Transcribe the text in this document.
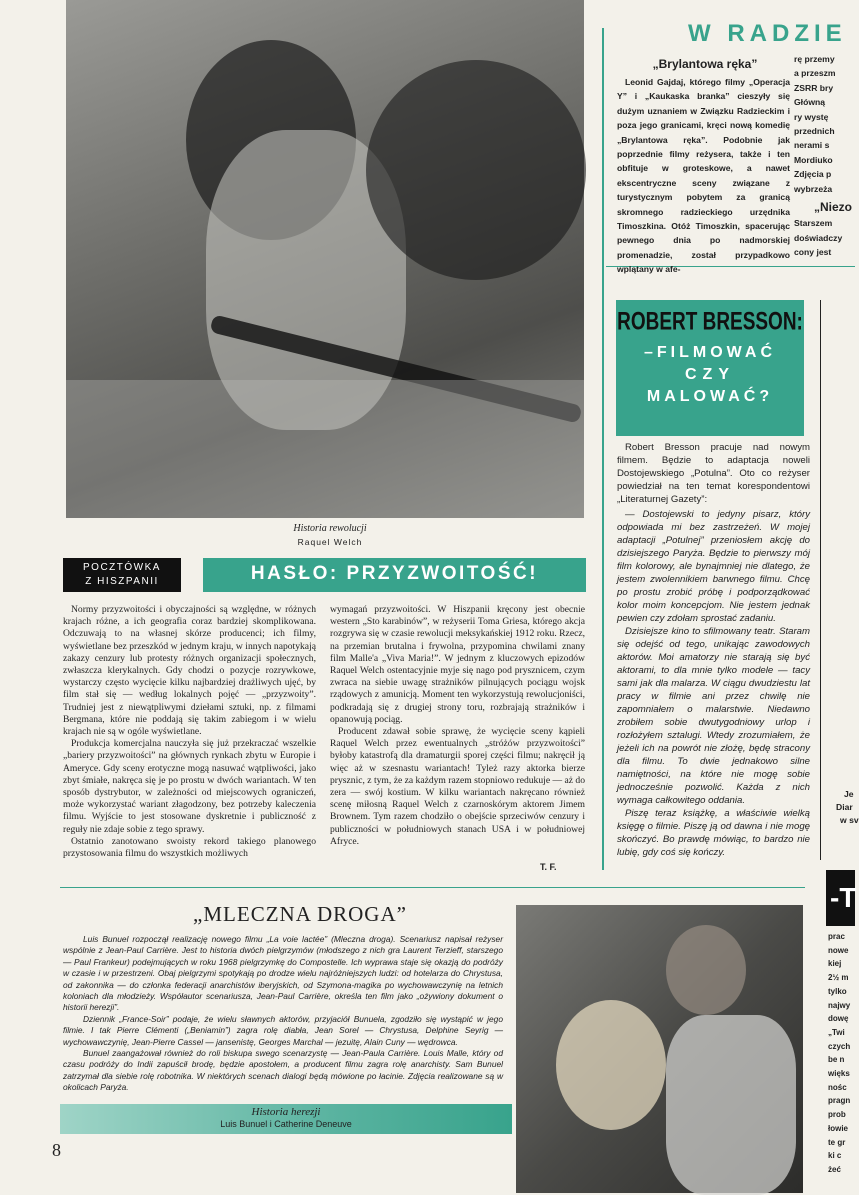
Historia rewolucji
Raquel Welch
POCZTÓWKA
Z HISZPANII	HASŁO: PRZYZWOITOŚĆ!

Normy przyzwoitości i obyczajności są względne, w różnych krajach różne, a ich geografia coraz bardziej skomplikowana. Odczuwają to na własnej skórze producenci; ich filmy, wyświetlane bez przeszkód w jednym kraju, w innych napotykają zakazy cenzury lub protesty różnych organizacji społecznych, zwłaszcza klerykalnych. Gdy chodzi o pozycje rozrywkowe, wystarczy często wycięcie kilku najbardziej drażliwych ujęć, by film stał się — według lokalnych pojęć — „przyzwoity”. Trudniej jest z niewątpliwymi dziełami sztuki, np. z filmami Bergmana, które nie poddają się takim zabiegom i w wielu krajach nie są w ogóle wyświetlane.

Produkcja komercjalna nauczyła się już przekraczać wszelkie „bariery przyzwoitości” na głównych rynkach zbytu w Europie i Ameryce. Gdy sceny erotyczne mogą nasuwać wątpliwości, jako zbyt śmiałe, nakręca się je po prostu w dwóch wariantach. W ten sposób dystrybutor, w zależności od miejscowych ograniczeń, może wykorzystać wariant złagodzony, bez potrzeby kaleczenia filmu. Wyjście to jest stosowane dyskretnie i publiczność z reguły nie zdaje sobie z tego sprawy.

Ostatnio zanotowano swoisty rekord takiego planowego przystosowania filmu do wszystkich możliwych

wymagań przyzwoitości. W Hiszpanii kręcony jest obecnie western „Sto karabinów”, w reżyserii Toma Griesa, którego akcja rozgrywa się w czasie rewolucji meksykańskiej 1912 roku. Rzecz, na przemian brutalna i frywolna, przypomina chwilami znany film Malle'a „Viva Maria!”. W jednym z kluczowych epizodów Raquel Welch ostentacyjnie myje się nago pod prysznicem, czym zwraca na siebie uwagę strażników pilnujących pociągu wojsk rządowych z amunicją. Moment ten wykorzystują rewolucjoniści, podkradają się z drugiej strony toru, rozbrajają strażników i opanowują pociąg.

Producent zdawał sobie sprawę, że wycięcie sceny kąpieli Raquel Welch przez ewentualnych „stróżów przyzwoitości” byłoby katastrofą dla dramaturgii sporej części filmu; nakręcił ją więc aż w szesnastu wariantach! Tyleż razy aktorka bierze prysznic, z tym, że za każdym razem stopniowo redukuje — aż do zera — swój kostium. W kilku wariantach nakręcano również scenę miłosną Raquel Welch z czarnoskórym aktorem Jimem Brownem. Tym razem chodziło o obejście sprzeciwów cenzury i publiczności w południowych stanach USA i w południowej Afryce.

T. F.
W RADZIE
„Brylantowa ręka”
Leonid Gajdaj, którego filmy „Operacja Y” i „Kaukaska branka” cieszyły się dużym uznaniem w Związku Radzieckim i poza jego granicami, kręci nową komedię „Brylantowa ręka”. Podobnie jak poprzednie filmy reżysera, także i ten obfituje w groteskowe, a nawet ekscentryczne sceny związane z turystycznym pobytem za granicą skromnego radzieckiego urzędnika Timoszkina. Otóż Timoszkin, spacerując pewnego dnia po nadmorskiej promenadzie, został przypadkowo wplątany w afe-
rę przemy
a przeszm
ZSRR bry
Główną
ry wystę
przednich
nerami s
Mordiuko
Zdjęcia p
wybrzeża
„Niezo
Starszem
doświadczy
cony jest
ROBERT BRESSON:
–FILMOWAĆ
CZY
MALOWAĆ?
Robert Bresson pracuje nad nowym filmem. Będzie to adaptacja noweli Dostojewskiego „Potulna”. Oto co reżyser powiedział na ten temat korespondentowi „Literaturnej Gazety”:

— Dostojewski to jedyny pisarz, który odpowiada mi bez zastrzeżeń. W mojej adaptacji „Potulnej” przeniosłem akcję do dzisiejszego Paryża. Będzie to pierwszy mój film kolorowy, ale bynajmniej nie dlatego, że jestem zwolennikiem barwnego filmu. Chcę po prostu zrobić próbę i podporządkować kolor moim koncepcjom. Nie jestem jednak pewien czy zdołam sprostać zadaniu.

Dzisiejsze kino to sfilmowany teatr. Staram się odejść od tego, unikając zawodowych aktorów. Moi amatorzy nie starają się być aktorami, to dla mnie tylko modele — tacy sami jak dla malarza. W ciągu dwudziestu lat pracy w filmie ani przez chwilę nie zapomniałem o malarstwie. Niedawno zrobiłem sobie dwutygodniowy urlop i rozłożyłem sztalugi. Wtedy zrozumiałem, że jeżeli ich na powrót nie złożę, będę stracony dla filmu. To dwie jednakowo silne namiętności, na które nie mogę sobie jednocześnie pozwolić. Każda z nich wymaga całkowitego oddania.

Piszę teraz książkę, a właściwie wielką księgę o filmie. Piszę ją od dawna i nie mogę skończyć. Bo prawdę mówiąc, to bardzo nie lubię, gdy coś się kończy.

„MLECZNA DROGA”

Luis Bunuel rozpoczął realizację nowego filmu „La voie lactée” (Mleczna droga). Scenariusz napisał reżyser wspólnie z Jean-Paul Carrière. Jest to historia dwóch pielgrzymów (młodszego z nich gra Laurent Terzieff, starszego — Paul Frankeur) podejmujących w roku 1968 pielgrzymkę do Compostelle. Ich wyprawa staje się okazją do podróży w czasie i w przestrzeni. Obaj pielgrzymi spotykają po drodze wielu najróżniejszych ludzi: od hotelarza do Chrystusa, od zakonnika — do członka federacji anarchistów iberyjskich, od Szymona-magika po wychowawczynię na letnich koloniach dla młodzieży. Współautor scenariusza, Jean-Paul Carrière, określa ten film jako „ożywiony dokument o historii herezji”.

Dziennik „France-Soir” podaje, że wielu sławnych aktorów, przyjaciół Bunuela, zgodziło się wystąpić w jego filmie. I tak Pierre Clémenti („Beniamin”) zagra rolę diabła, Jean Sorel — Chrystusa, Delphine Seyrig — wychowawczynię, Jean-Pierre Cassel — jansenistę, Georges Marchal — jezuitę, Alain Cuny — wędrowca.

Bunuel zaangażował również do roli biskupa swego scenarzystę — Jean-Paula Carrière. Louis Malle, który od czasu podróży do Indii zapuścił brodę, będzie apostołem, a producent filmu zagra rolę anarchisty. Sam Bunuel zatrzymał dla siebie rolę robotnika. W niektórych scenach dialogi będą mówione po łacinie. Zdjęcia realizowane są w okolicach Paryża.

Historia herezji
Luis Bunuel i Catherine Deneuve
Je
Diar
w sv
-T
prac
nowe
kiej
2½ m
tylko
najwy
dowę
„Twi
czych
be n
więks
nośc
pragn
prob
łowie
te gr
ki c
żeć
8
